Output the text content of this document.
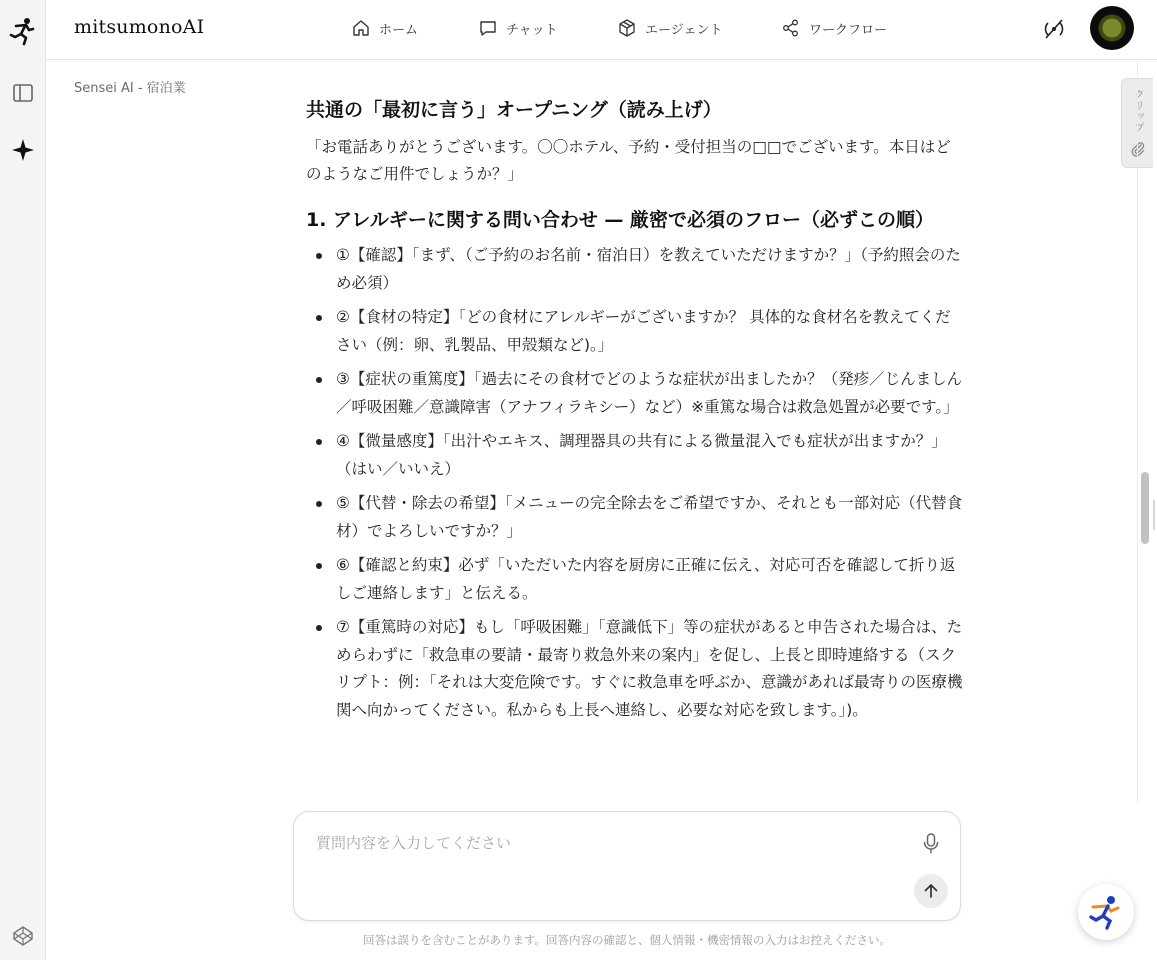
mitsumonoAI	ホーム	チャット	エージェント	ワークフロー
Sensei AI - 宿泊業
共通の「最初に言う」オープニング（読み上げ）

「お電話ありがとうございます。〇〇ホテル、予約・受付担当の□□でございます。本日はどのようなご用件でしょうか？」

1. アレルギーに関する問い合わせ — 厳密で必須のフロー（必ずこの順）
①【確認】「まず、（ご予約のお名前・宿泊日）を教えていただけますか？」（予約照会のため必須）
②【食材の特定】「どの食材にアレルギーがございますか？ 具体的な食材名を教えてください（例：卵、乳製品、甲殻類など)。」
③【症状の重篤度】「過去にその食材でどのような症状が出ましたか？（発疹／じんましん／呼吸困難／意識障害（アナフィラキシー）など）※重篤な場合は救急処置が必要です。」
④【微量感度】「出汁やエキス、調理器具の共有による微量混入でも症状が出ますか？」（はい／いいえ）
⑤【代替・除去の希望】「メニューの完全除去をご希望ですか、それとも一部対応（代替食材）でよろしいですか？」
⑥【確認と約束】必ず「いただいた内容を厨房に正確に伝え、対応可否を確認して折り返しご連絡します」と伝える。
⑦【重篤時の対応】もし「呼吸困難」「意識低下」等の症状があると申告された場合は、ためらわずに「救急車の要請・最寄り救急外来の案内」を促し、上長と即時連絡する（スクリプト：例：「それは大変危険です。すぐに救急車を呼ぶか、意識があれば最寄りの医療機関へ向かってください。私からも上長へ連絡し、必要な対応を致します。」)。
クリップ
質問内容を入力してください
回答は誤りを含むことがあります。回答内容の確認と、個人情報・機密情報の入力はお控えください。
